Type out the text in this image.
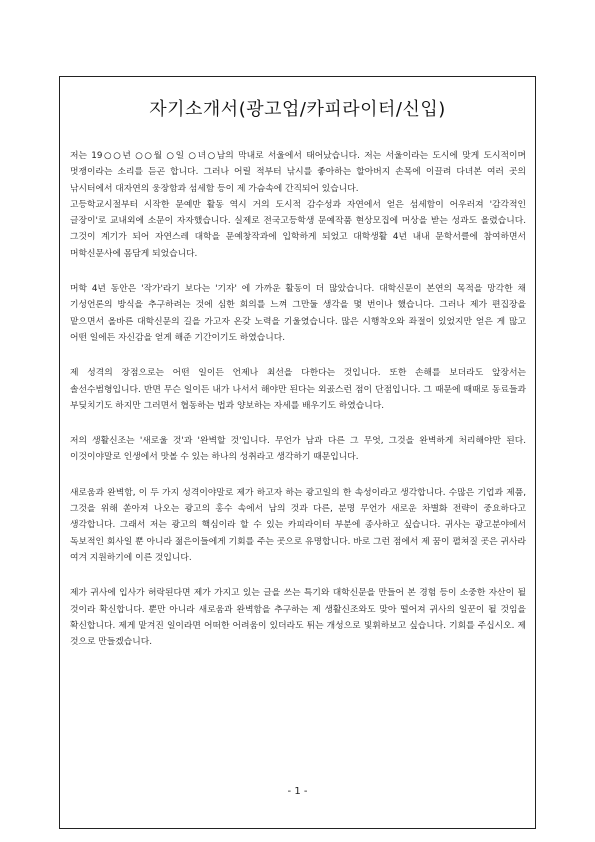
자기소개서(광고업/카피라이터/신입)

저는 19○○년 ○○월 ○일 ○녀○남의 막내로 서울에서 태어났습니다. 저는 서울이라는 도시에 맞게 도시적이며 멋쟁이라는 소리를 듣곤 합니다. 그러나 어릴 적부터 낚시를 좋아하는 할아버지 손목에 이끌려 다녀본 여러 곳의 낚시터에서 대자연의 웅장함과 섬세함 등이 제 가슴속에 간직되어 있습니다.

고등학교시절부터 시작한 문예반 활동 역시 거의 도시적 감수성과 자연에서 얻은 섬세함이 어우러져 '감각적인 글장이'로 교내외에 소문이 자자했습니다. 실제로 전국고등학생 문예작품 현상모집에 머상을 받는 성과도 올렸습니다. 그것이 계기가 되어 자연스레 대학을 문예창작과에 입학하게 되었고 대학생활 4년 내내 문학서클에 참여하면서 머학신문사에 몸담게 되었습니다.

머학 4년 동안은 '작가'라기 보다는 '기자' 에 가까운 활동이 더 많았습니다. 대학신문이 본연의 목적을 망각한 채 기성언론의 방식을 추구하려는 것에 심한 회의를 느껴 그만둘 생각을 몇 번이나 했습니다. 그러나 제가 편집장을 맡으면서 올바른 대학신문의 길을 가고자 온갖 노력을 기울였습니다. 많은 시행착오와 좌절이 있었지만 얻은 게 많고 어떤 일에든 자신감을 얻게 해준 기간이기도 하였습니다.

제 성격의 장점으로는 어떤 일이든 언제나 최선을 다한다는 것입니다. 또한 손해를 보더라도 앞장서는 솔선수범형입니다. 반면 무슨 일이든 내가 나서서 해야만 된다는 외곬스런 점이 단점입니다. 그 때문에 때때로 동료들과 부딪치기도 하지만 그러면서 협동하는 법과 양보하는 자세를 배우기도 하였습니다.

저의 생활신조는 '새로울 것'과 '완벽할 것'입니다. 무언가 남과 다른 그 무엇, 그것을 완벽하게 처리해야만 된다. 이것이야말로 인생에서 맛볼 수 있는 하나의 성취라고 생각하기 때문입니다.

새로움과 완벽함, 이 두 가지 성격이야말로 제가 하고자 하는 광고일의 한 속성이라고 생각합니다. 수많은 기업과 제품, 그것을 위해 쏟아져 나오는 광고의 홍수 속에서 남의 것과 다른, 분명 무언가 새로운 차별화 전략이 중요하다고 생각합니다. 그래서 저는 광고의 핵심이라 할 수 있는 카피라이터 부분에 종사하고 싶습니다. 귀사는 광고분야에서 독보적인 회사일 뿐 아니라 젊은이들에게 기회를 주는 곳으로 유명합니다. 바로 그런 점에서 제 꿈이 펼쳐질 곳은 귀사라 여겨 지원하기에 이른 것입니다.

제가 귀사에 입사가 허락된다면 제가 가지고 있는 글을 쓰는 특기와 대학신문을 만들어 본 경험 등이 소중한 자산이 될 것이라 확신합니다. 뿐만 아니라 새로움과 완벽함을 추구하는 제 생활신조와도 맞아 떨어져 귀사의 일꾼이 될 것임을 확신합니다. 제게 맡겨진 일이라면 어떠한 어려움이 있더라도 튀는 개성으로 빛휘하보고 싶습니다. 기회를 주십시오. 제 것으로 만들겠습니다.

- 1 -
